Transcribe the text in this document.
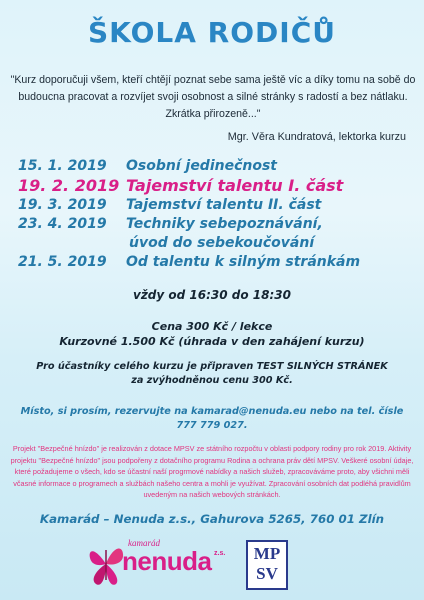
ŠKOLA RODIČŮ
"Kurz doporučuji všem, kteří chtějí poznat sebe sama ještě víc a díky tomu na sobě do budoucna pracovat a rozvíjet svoji osobnost a silné stránky s radostí a bez nátlaku. Zkrátka přirozeně..."
Mgr. Věra Kundratová, lektorka kurzu
15. 1. 2019	Osobní jedinečnost
19. 2. 2019 Tajemství talentu I. část
19. 3. 2019	Tajemství talentu II. část
23. 4. 2019	Techniky sebepoznávání,
úvod do sebekoučování
21. 5. 2019	Od talentu k silným stránkám
vždy od 16:30 do 18:30
Cena 300 Kč / lekce
Kurzovné 1.500 Kč (úhrada v den zahájení kurzu)
Pro účastníky celého kurzu je připraven TEST SILNÝCH STRÁNEK za zvýhodněnou cenu 300 Kč.
Místo, si prosím, rezervujte na kamarad@nenuda.eu nebo na tel. čísle 777 779 027.
Projekt "Bezpečné hnízdo" je realizován z dotace MPSV ze státního rozpočtu v oblasti podpory rodiny pro rok 2019. Aktivity projektu "Bezpečné hnízdo" jsou podpořeny z dotačního programu Rodina a ochrana práv dětí MPSV. Veškeré osobní údaje, které požadujeme o všech, kdo se účastní naší progrmové nabídky a našich služeb, zpracováváme proto, aby všichni měli včasné informace o programech a službách našeho centra a mohli je využívat. Zpracování osobních dat podléhá pravidlům uvedeným na našich webových stránkách.
Kamarád – Nenuda z.s., Gahurova 5265, 760 01 Zlín
kamarád
nenuda z.s.	MP
SV
